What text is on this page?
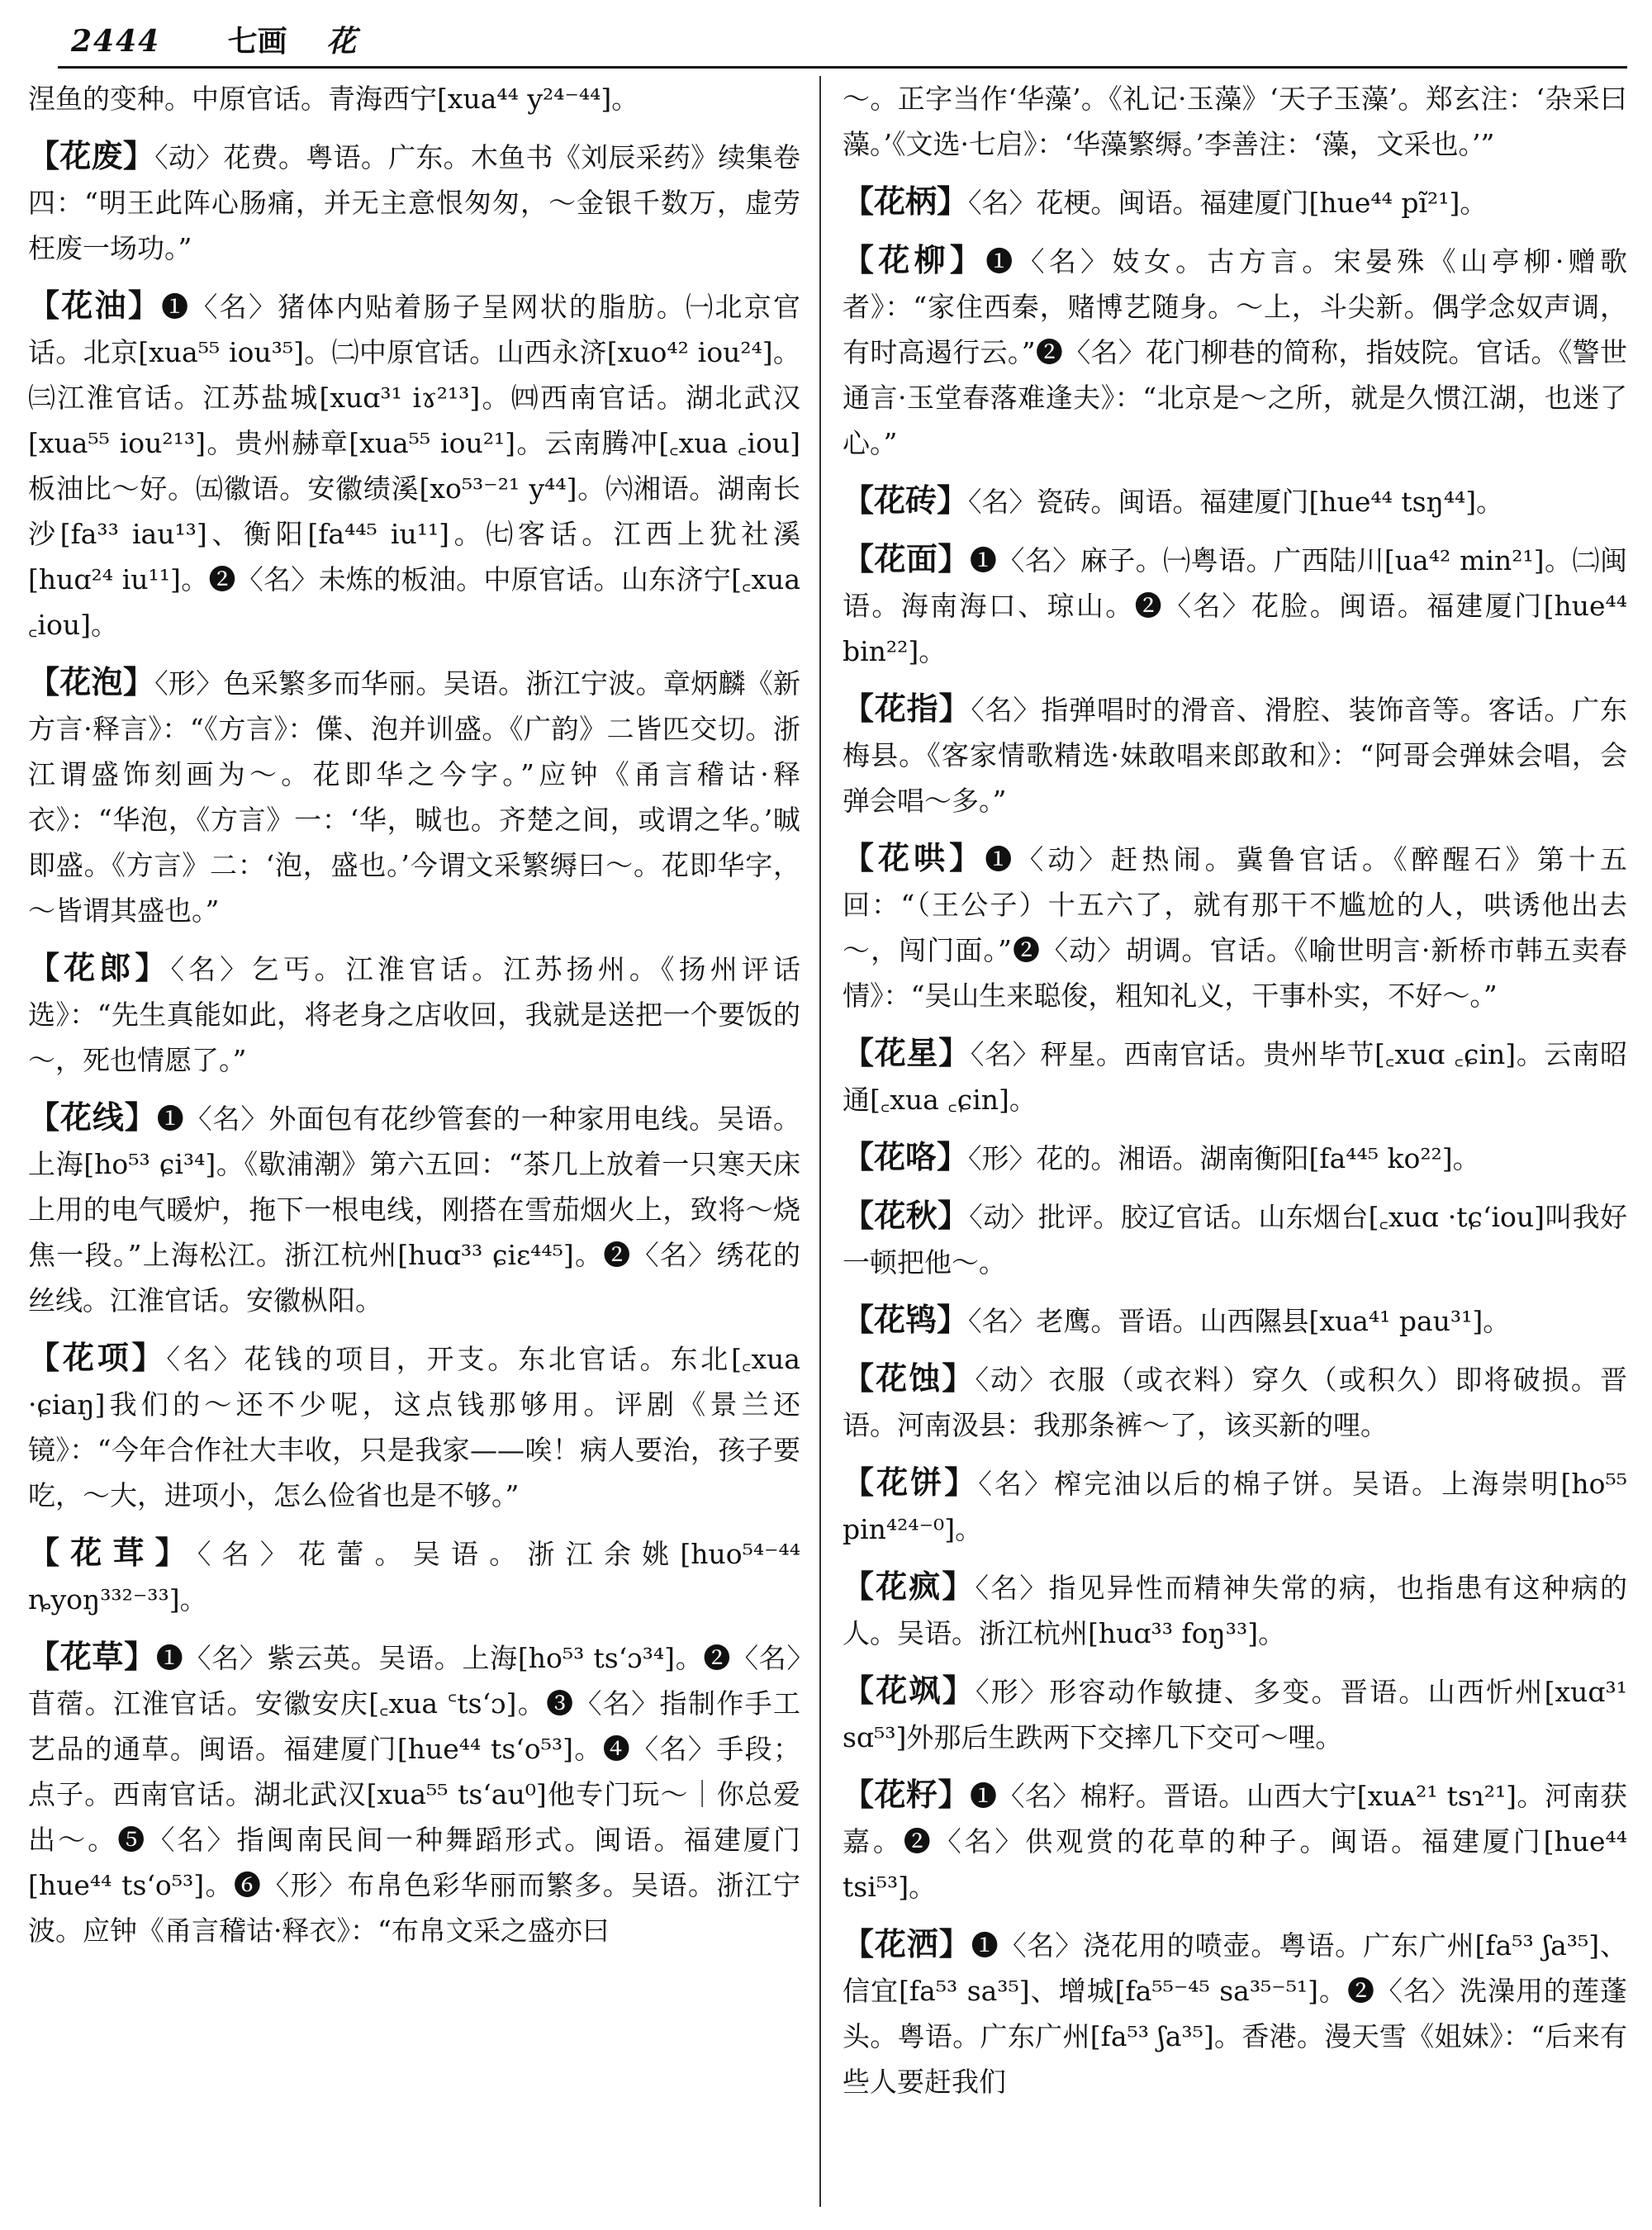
2444 七画 花

涅鱼的变种。中原官话。青海西宁[xua⁴⁴ y²⁴⁻⁴⁴]。

【花废】〈动〉花费。粤语。广东。木鱼书《刘辰采药》续集卷四：“明王此阵心肠痛，并无主意恨匆匆，～金银千数万，虚劳枉废一场功。”

【花油】❶〈名〉猪体内贴着肠子呈网状的脂肪。㈠北京官话。北京[xua⁵⁵ iou³⁵]。㈡中原官话。山西永济[xuo⁴² iou²⁴]。㈢江淮官话。江苏盐城[xuɑ³¹ iɤ²¹³]。㈣西南官话。湖北武汉[xua⁵⁵ iou²¹³]。贵州赫章[xua⁵⁵ iou²¹]。云南腾冲[꜀xua ꜀iou]板油比～好。㈤徽语。安徽绩溪[xo⁵³⁻²¹ y⁴⁴]。㈥湘语。湖南长沙[fa³³ iau¹³]、衡阳[fa⁴⁴⁵ iu¹¹]。㈦客话。江西上犹社溪[huɑ²⁴ iu¹¹]。❷〈名〉未炼的板油。中原官话。山东济宁[꜀xua ꜀iou]。

【花泡】〈形〉色采繁多而华丽。吴语。浙江宁波。章炳麟《新方言·释言》：“《方言》：僷、泡并训盛。《广韵》二皆匹交切。浙江谓盛饰刻画为～。花即华之今字。”应钟《甬言稽诂·释衣》：“华泡，《方言》一：‘华，晠也。齐楚之间，或谓之华。’晠即盛。《方言》二：‘泡，盛也。’今谓文采繁缛曰～。花即华字，～皆谓其盛也。”

【花郎】〈名〉乞丐。江淮官话。江苏扬州。《扬州评话选》：“先生真能如此，将老身之店收回，我就是送把一个要饭的～，死也情愿了。”

【花线】❶〈名〉外面包有花纱管套的一种家用电线。吴语。上海[ho⁵³ ɕi³⁴]。《歇浦潮》第六五回：“茶几上放着一只寒天床上用的电气暖炉，拖下一根电线，刚搭在雪茄烟火上，致将～烧焦一段。”上海松江。浙江杭州[huɑ³³ ɕiɛ⁴⁴⁵]。❷〈名〉绣花的丝线。江淮官话。安徽枞阳。

【花项】〈名〉花钱的项目，开支。东北官话。东北[꜀xua ·ɕiaŋ]我们的～还不少呢，这点钱那够用。评剧《景兰还镜》：“今年合作社大丰收，只是我家——唉！病人要治，孩子要吃，～大，进项小，怎么俭省也是不够。”

【花茸】〈名〉花蕾。吴语。浙江余姚[huo⁵⁴⁻⁴⁴ ȵyoŋ³³²⁻³³]。

【花草】❶〈名〉紫云英。吴语。上海[ho⁵³ ts‘ɔ³⁴]。❷〈名〉苜蓿。江淮官话。安徽安庆[꜀xua ꜂ts‘ɔ]。❸〈名〉指制作手工艺品的通草。闽语。福建厦门[hue⁴⁴ ts‘o⁵³]。❹〈名〉手段；点子。西南官话。湖北武汉[xua⁵⁵ ts‘au⁰]他专门玩～｜你总爱出～。❺〈名〉指闽南民间一种舞蹈形式。闽语。福建厦门[hue⁴⁴ ts‘o⁵³]。❻〈形〉布帛色彩华丽而繁多。吴语。浙江宁波。应钟《甬言稽诂·释衣》：“布帛文采之盛亦曰

～。正字当作‘华藻’。《礼记·玉藻》‘天子玉藻’。郑玄注：‘杂采曰藻。’《文选·七启》：‘华藻繁缛。’李善注：‘藻，文采也。’”

【花柄】〈名〉花梗。闽语。福建厦门[hue⁴⁴ pĩ²¹]。

【花柳】❶〈名〉妓女。古方言。宋晏殊《山亭柳·赠歌者》：“家住西秦，赌博艺随身。～上，斗尖新。偶学念奴声调，有时高遏行云。”❷〈名〉花门柳巷的简称，指妓院。官话。《警世通言·玉堂春落难逢夫》：“北京是～之所，就是久惯江湖，也迷了心。”

【花砖】〈名〉瓷砖。闽语。福建厦门[hue⁴⁴ tsŋ⁴⁴]。

【花面】❶〈名〉麻子。㈠粤语。广西陆川[ua⁴² min²¹]。㈡闽语。海南海口、琼山。❷〈名〉花脸。闽语。福建厦门[hue⁴⁴ bin²²]。

【花指】〈名〉指弹唱时的滑音、滑腔、装饰音等。客话。广东梅县。《客家情歌精选·妹敢唱来郎敢和》：“阿哥会弹妹会唱，会弹会唱～多。”

【花哄】❶〈动〉赶热闹。冀鲁官话。《醉醒石》第十五回：“（王公子）十五六了，就有那干不尴尬的人，哄诱他出去～，闯门面。”❷〈动〉胡调。官话。《喻世明言·新桥市韩五卖春情》：“吴山生来聪俊，粗知礼义，干事朴实，不好～。”

【花星】〈名〉秤星。西南官话。贵州毕节[꜀xuɑ ꜀ɕin]。云南昭通[꜀xua ꜀ɕin]。

【花咯】〈形〉花的。湘语。湖南衡阳[fa⁴⁴⁵ ko²²]。

【花秋】〈动〉批评。胶辽官话。山东烟台[꜀xuɑ ·tɕ‘iou]叫我好一顿把他～。

【花鸨】〈名〉老鹰。晋语。山西隰县[xua⁴¹ pau³¹]。

【花蚀】〈动〉衣服（或衣料）穿久（或积久）即将破损。晋语。河南汲县：我那条裤～了，该买新的哩。

【花饼】〈名〉榨完油以后的棉子饼。吴语。上海崇明[ho⁵⁵ pin⁴²⁴⁻⁰]。

【花疯】〈名〉指见异性而精神失常的病，也指患有这种病的人。吴语。浙江杭州[huɑ³³ foŋ³³]。

【花飒】〈形〉形容动作敏捷、多变。晋语。山西忻州[xuɑ³¹ sɑ⁵³]外那后生跌两下交摔几下交可～哩。

【花籽】❶〈名〉棉籽。晋语。山西大宁[xuᴀ²¹ tsɿ²¹]。河南获嘉。❷〈名〉供观赏的花草的种子。闽语。福建厦门[hue⁴⁴ tsi⁵³]。

【花洒】❶〈名〉浇花用的喷壶。粤语。广东广州[fa⁵³ ʃa³⁵]、信宜[fa⁵³ sa³⁵]、增城[fa⁵⁵⁻⁴⁵ sa³⁵⁻⁵¹]。❷〈名〉洗澡用的莲蓬头。粤语。广东广州[fa⁵³ ʃa³⁵]。香港。漫天雪《姐妹》：“后来有些人要赶我们
